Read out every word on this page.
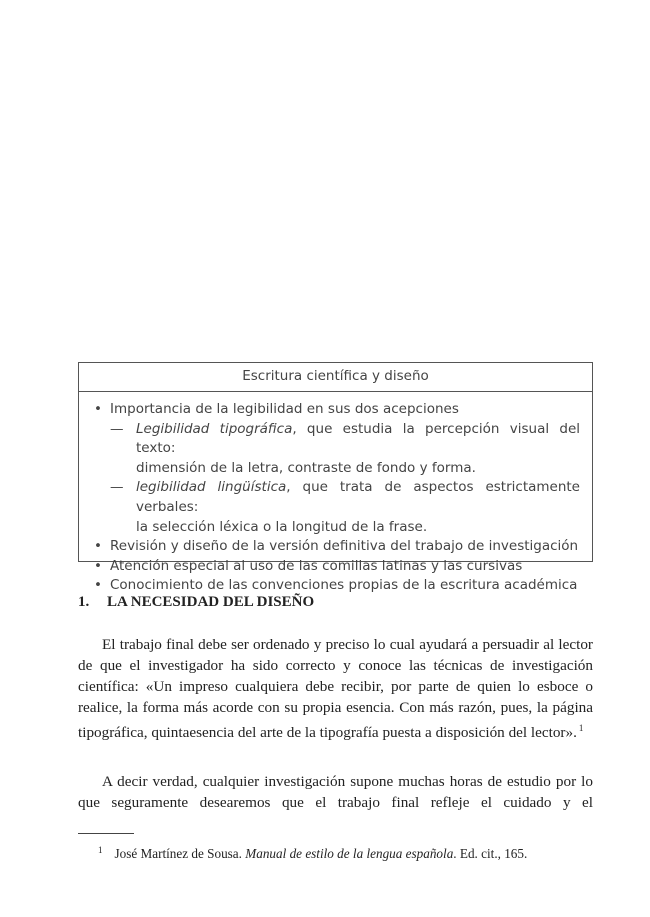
Escritura científica y diseño
• Importancia de la legibilidad en sus dos acepciones
— Legibilidad tipográfica, que estudia la percepción visual del texto:
dimensión de la letra, contraste de fondo y forma.
— legibilidad lingüística, que trata de aspectos estrictamente verbales:
la selección léxica o la longitud de la frase.
• Revisión y diseño de la versión definitiva del trabajo de investigación
• Atención especial al uso de las comillas latinas y las cursivas
• Conocimiento de las convenciones propias de la escritura académica
1. LA NECESIDAD DEL DISEÑO

El trabajo final debe ser ordenado y preciso lo cual ayudará a persuadir al lector de que el investigador ha sido correcto y conoce las técnicas de investigación científica: «Un impreso cualquiera debe recibir, por parte de quien lo esboce o realice, la forma más acorde con su propia esencia. Con más razón, pues, la página tipográfica, quintaesencia del arte de la tipografía puesta a disposición del lector». $^1$

A decir verdad, cualquier investigación supone muchas horas de estudio por lo que seguramente desearemos que el trabajo final refleje el cuidado y el

$^1$ José Martínez de Sousa. Manual de estilo de la lengua española. Ed. cit., 165.
